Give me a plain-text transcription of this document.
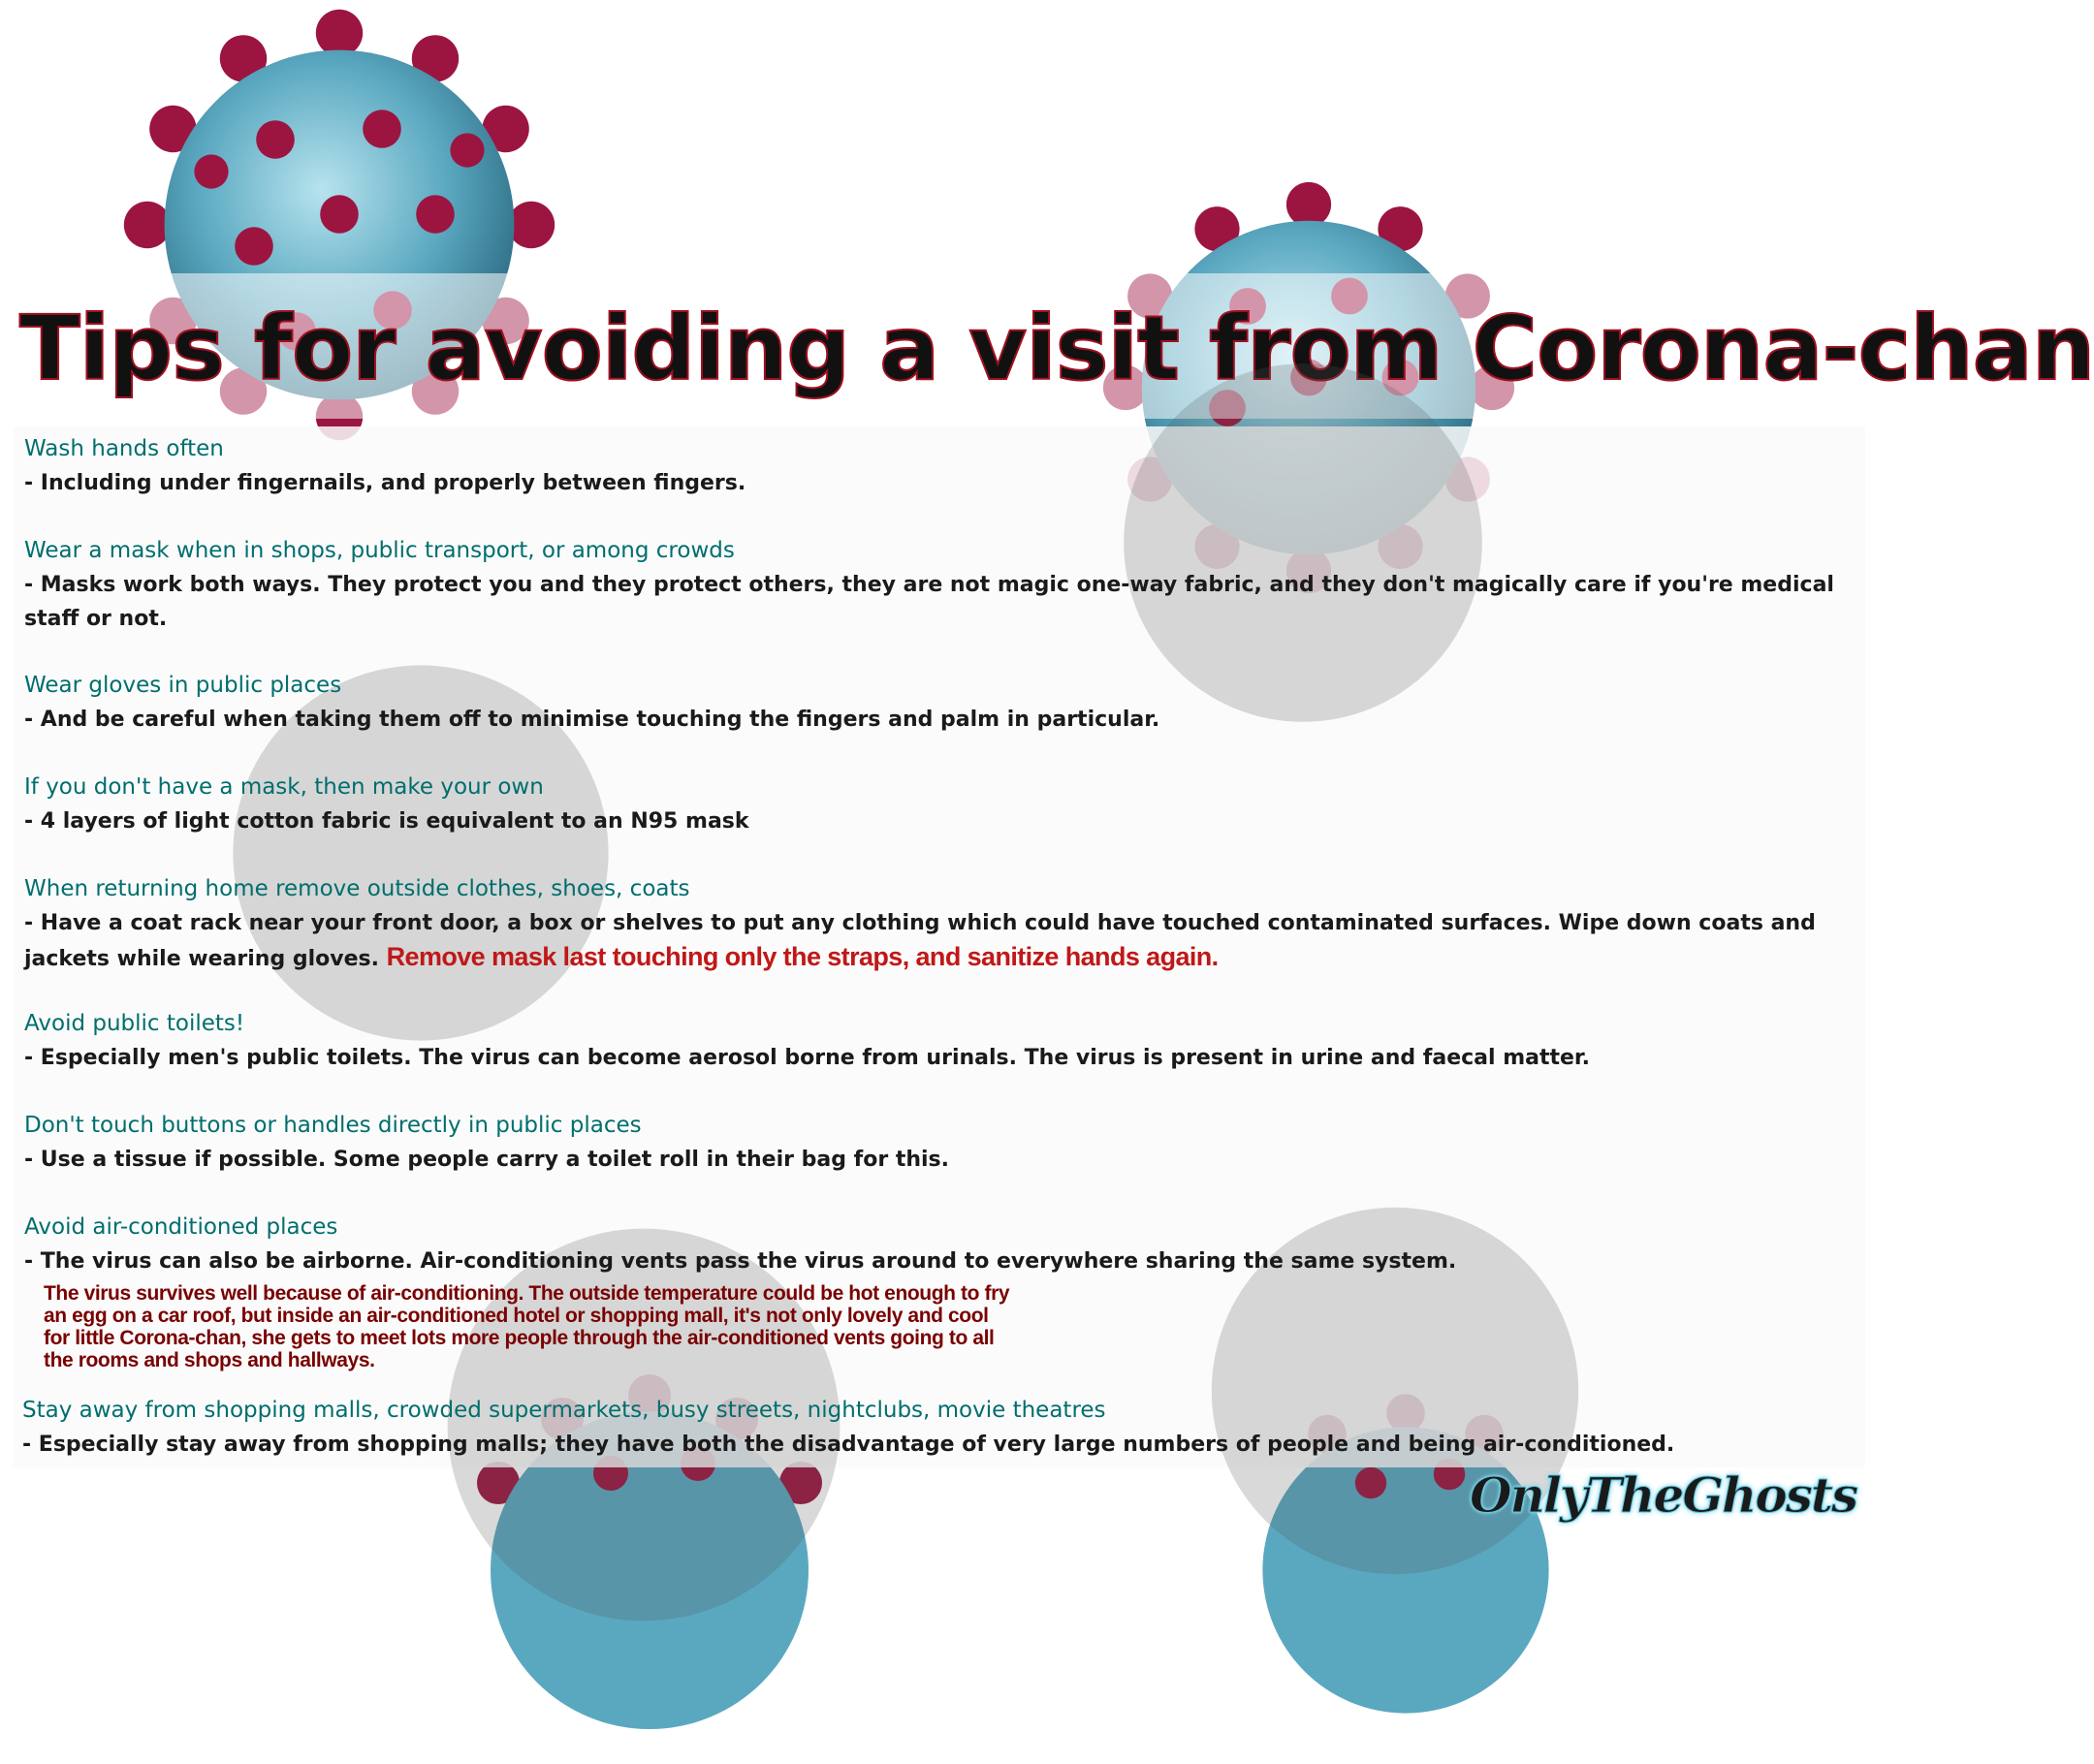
Tips for avoiding a visit from Corona-chan
Wash hands often
- Including under fingernails, and properly between fingers.
Wear a mask when in shops, public transport, or among crowds
- Masks work both ways. They protect you and they protect others, they are not magic one-way fabric, and they don't magically care if you're medical staff or not.
Wear gloves in public places
- And be careful when taking them off to minimise touching the fingers and palm in particular.
If you don't have a mask, then make your own
- 4 layers of light cotton fabric is equivalent to an N95 mask
When returning home remove outside clothes, shoes, coats
- Have a coat rack near your front door, a box or shelves to put any clothing which could have touched contaminated surfaces. Wipe down coats and jackets while wearing gloves. Remove mask last touching only the straps, and sanitize hands again.
Avoid public toilets!
- Especially men's public toilets. The virus can become aerosol borne from urinals. The virus is present in urine and faecal matter.
Don't touch buttons or handles directly in public places
- Use a tissue if possible. Some people carry a toilet roll in their bag for this.
Avoid air-conditioned places
- The virus can also be airborne. Air-conditioning vents pass the virus around to everywhere sharing the same system.
The virus survives well because of air-conditioning. The outside temperature could be hot enough to fry an egg on a car roof, but inside an air-conditioned hotel or shopping mall, it's not only lovely and cool for little Corona-chan, she gets to meet lots more people through the air-conditioned vents going to all the rooms and shops and hallways.
Stay away from shopping malls, crowded supermarkets, busy streets, nightclubs, movie theatres
- Especially stay away from shopping malls; they have both the disadvantage of very large numbers of people and being air-conditioned.
OnlyTheGhosts
